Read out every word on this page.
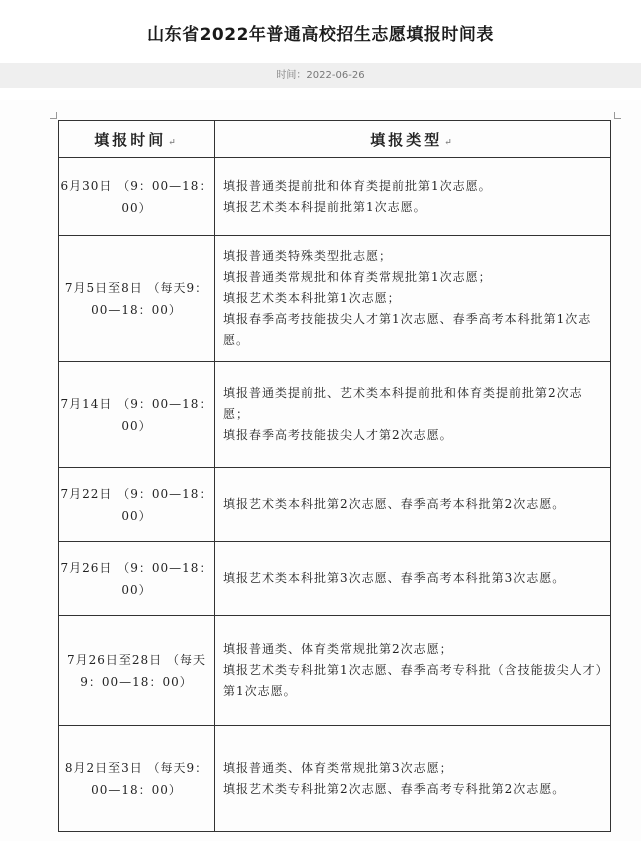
山东省2022年普通高校招生志愿填报时间表
时间：2022-06-26
填报时间 ↵	填报类型 ↵
6月30日 （9：00—18：00）	填报普通类提前批和体育类提前批第1次志愿。
填报艺术类本科提前批第1次志愿。

7月5日至8日 （每天9：00—18：00）	填报普通类特殊类型批志愿；
填报普通类常规批和体育类常规批第1次志愿；
填报艺术类本科批第1次志愿；
填报春季高考技能拔尖人才第1次志愿、春季高考本科批第1次志愿。

7月14日 （9：00—18：00）	填报普通类提前批、艺术类本科提前批和体育类提前批第2次志愿；
填报春季高考技能拔尖人才第2次志愿。

7月22日 （9：00—18：00）	填报艺术类本科批第2次志愿、春季高考本科批第2次志愿。

7月26日 （9：00—18：00）	填报艺术类本科批第3次志愿、春季高考本科批第3次志愿。

7月26日至28日 （每天9：00—18：00）	填报普通类、体育类常规批第2次志愿；
填报艺术类专科批第1次志愿、春季高考专科批（含技能拔尖人才）第1次志愿。

8月2日至3日 （每天9：00—18：00）	填报普通类、体育类常规批第3次志愿；
填报艺术类专科批第2次志愿、春季高考专科批第2次志愿。
